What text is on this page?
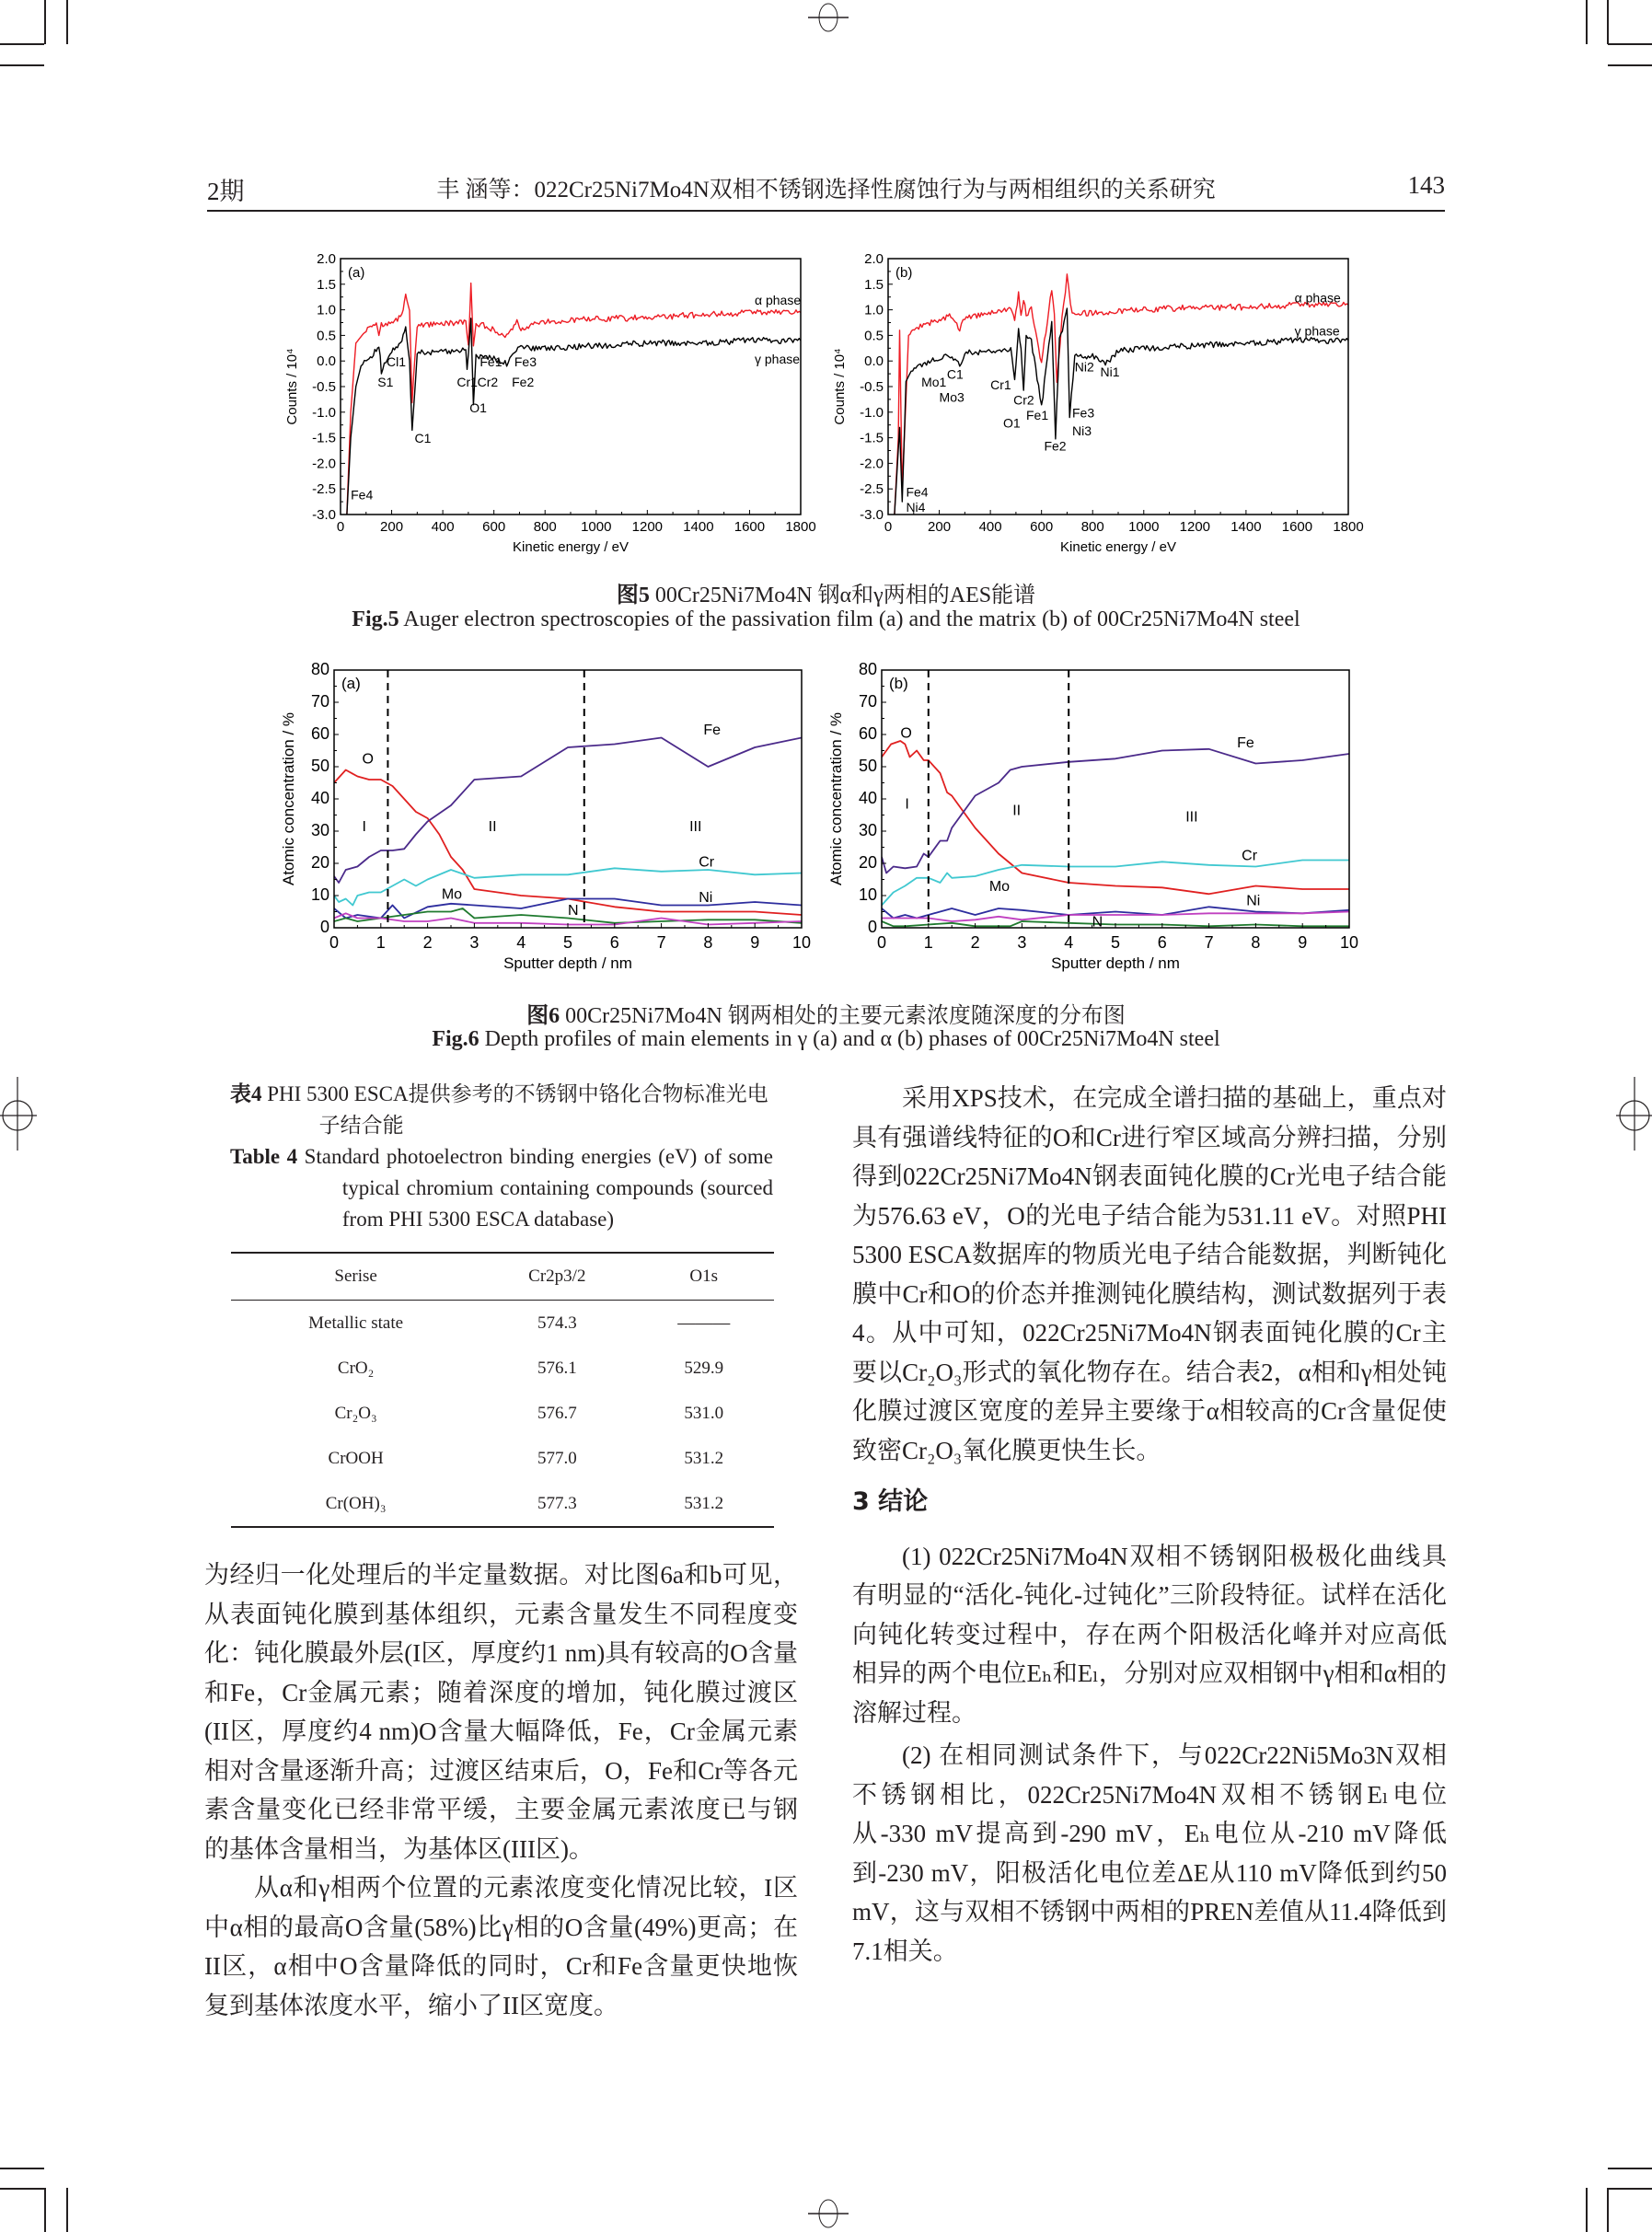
2期	丰 涵等：022Cr25Ni7Mo4N双相不锈钢选择性腐蚀行为与两相组织的关系研究	143
0	200 400 600 800 1000 1200 1400 1600 1800
-3.0
-2.5
-2.0
-1.5
-1.0
-0.5
0.0
0.5
1.0
1.5
2.0
Kinetic energy / eV
Counts / 10⁴
(a)
Fe4
S1
Cl1
C1
Cr1 Cr2
O1
Fe1
Fe2
Fe3
α phase
γ phase
0	200 400 600 800 1000 1200 1400 1600 1800
-3.0
-2.5
-2.0
-1.5
-1.0
-0.5
0.0
0.5
1.0
1.5
2.0
Kinetic energy / eV
Counts / 10⁴
(b)
Fe4
Ni4
Mo1
Mo3
C1
Cr1
O1
Cr2
Fe1
Fe2
Fe3
Ni3
Ni2 Ni1
α phase
γ phase
图5 00Cr25Ni7Mo4N 钢α和γ两相的AES能谱
Fig.5 Auger electron spectroscopies of the passivation film (a) and the matrix (b) of 00Cr25Ni7Mo4N steel
0 1 2 3 4 5 6 7 8 9 10
0
10
20
30
40
50
60
70
80
Sputter depth / nm
Atomic concentration / %
(a)
O
Fe
Cr
Ni
Mo
N
I	II	III
0 1 2 3 4 5 6 7 8 9 10
0
10
20
30
40
50
60
70
80
Sputter depth / nm
Atomic concentration / %
(b)
O
Fe
Cr
Ni
Mo
N
I	II	III
图6 00Cr25Ni7Mo4N 钢两相处的主要元素浓度随深度的分布图
Fig.6 Depth profiles of main elements in γ (a) and α (b) phases of 00Cr25Ni7Mo4N steel
表4 PHI 5300 ESCA提供参考的不锈钢中铬化合物标准光电子结合能
Table 4 Standard photoelectron binding energies (eV) of some typical chromium containing compounds (sourced from PHI 5300 ESCA database)
Serise	Cr2p3/2	O1s
Metallic state	574.3	———
CrO₂	576.1	529.9
Cr₂O₃	576.7	531.0
CrOOH	577.0	531.2
Cr(OH)₃	577.3	531.2

为经归一化处理后的半定量数据。对比图6a和b可见，从表面钝化膜到基体组织，元素含量发生不同程度变化：钝化膜最外层(I区，厚度约1 nm)具有较高的O含量和Fe，Cr金属元素；随着深度的增加，钝化膜过渡区(II区，厚度约4 nm)O含量大幅降低，Fe，Cr金属元素相对含量逐渐升高；过渡区结束后，O，Fe和Cr等各元素含量变化已经非常平缓，主要金属元素浓度已与钢的基体含量相当，为基体区(III区)。

从α和γ相两个位置的元素浓度变化情况比较，I区中α相的最高O含量(58%)比γ相的O含量(49%)更高；在II区，α相中O含量降低的同时，Cr和Fe含量更快地恢复到基体浓度水平，缩小了II区宽度。

采用XPS技术，在完成全谱扫描的基础上，重点对具有强谱线特征的O和Cr进行窄区域高分辨扫描，分别得到022Cr25Ni7Mo4N钢表面钝化膜的Cr光电子结合能为576.63 eV，O的光电子结合能为531.11 eV。对照PHI 5300 ESCA数据库的物质光电子结合能数据，判断钝化膜中Cr和O的价态并推测钝化膜结构，测试数据列于表4。从中可知，022Cr25Ni7Mo4N钢表面钝化膜的Cr主要以Cr₂O₃形式的氧化物存在。结合表2，α相和γ相处钝化膜过渡区宽度的差异主要缘于α相较高的Cr含量促使致密Cr₂O₃氧化膜更快生长。

3 结论

(1) 022Cr25Ni7Mo4N双相不锈钢阳极极化曲线具有明显的“活化-钝化-过钝化”三阶段特征。试样在活化向钝化转变过程中，存在两个阳极活化峰并对应高低相异的两个电位Eₕ和Eₗ，分别对应双相钢中γ相和α相的溶解过程。

(2) 在相同测试条件下，与022Cr22Ni5Mo3N双相不锈钢相比，022Cr25Ni7Mo4N双相不锈钢Eₗ电位从-330 mV提高到-290 mV，Eₕ电位从-210 mV降低到-230 mV，阳极活化电位差ΔE从110 mV降低到约50 mV，这与双相不锈钢中两相的PREN差值从11.4降低到7.1相关。
